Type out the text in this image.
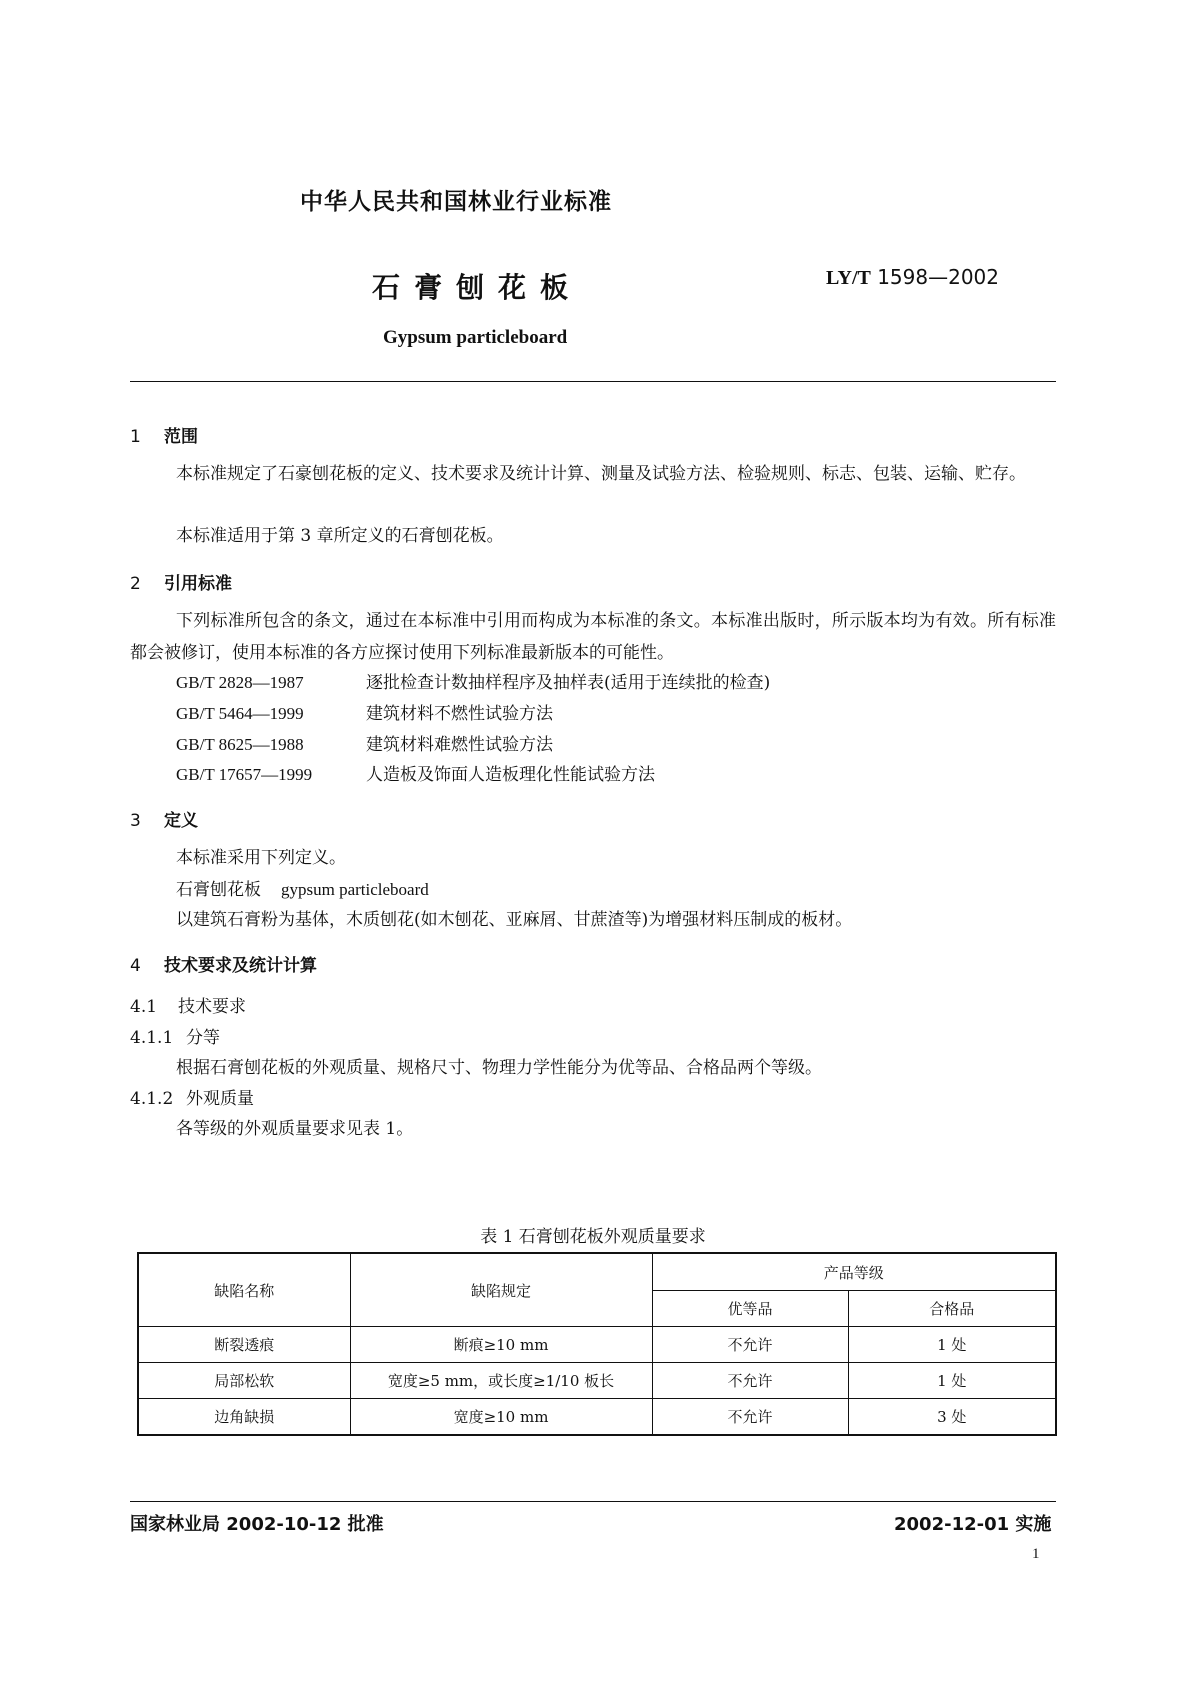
中华人民共和国林业行业标准
石膏刨花板	LY/T 1598—2002
Gypsum particleboard
1 范围
本标准规定了石豪刨花板的定义、技术要求及统计计算、测量及试验方法、检验规则、标志、包装、运输、贮存。
本标准适用于第 3 章所定义的石膏刨花板。
2 引用标准
下列标准所包含的条文，通过在本标准中引用而构成为本标准的条文。本标准出版时，所示版本均为有效。所有标准都会被修订，使用本标准的各方应探讨使用下列标准最新版本的可能性。
GB/T 2828—1987	逐批检查计数抽样程序及抽样表(适用于连续批的检查)
GB/T 5464—1999	建筑材料不燃性试验方法
GB/T 8625—1988	建筑材料难燃性试验方法
GB/T 17657—1999	人造板及饰面人造板理化性能试验方法
3 定义
本标准采用下列定义。
石膏刨花板 gypsum particleboard
以建筑石膏粉为基体，木质刨花(如木刨花、亚麻屑、甘蔗渣等)为增强材料压制成的板材。
4 技术要求及统计计算
4.1 技术要求
4.1.1 分等
根据石膏刨花板的外观质量、规格尺寸、物理力学性能分为优等品、合格品两个等级。
4.1.2 外观质量
各等级的外观质量要求见表 1。
表 1 石膏刨花板外观质量要求
缺陷名称	缺陷规定	产品等级	
		优等品	合格品
断裂透痕	断痕≥10 mm	不允许	1 处
局部松软	宽度≥5 mm，或长度≥1/10 板长	不允许	1 处
边角缺损	宽度≥10 mm	不允许	3 处
国家林业局 2002-10-12 批准	2002-12-01 实施
1
